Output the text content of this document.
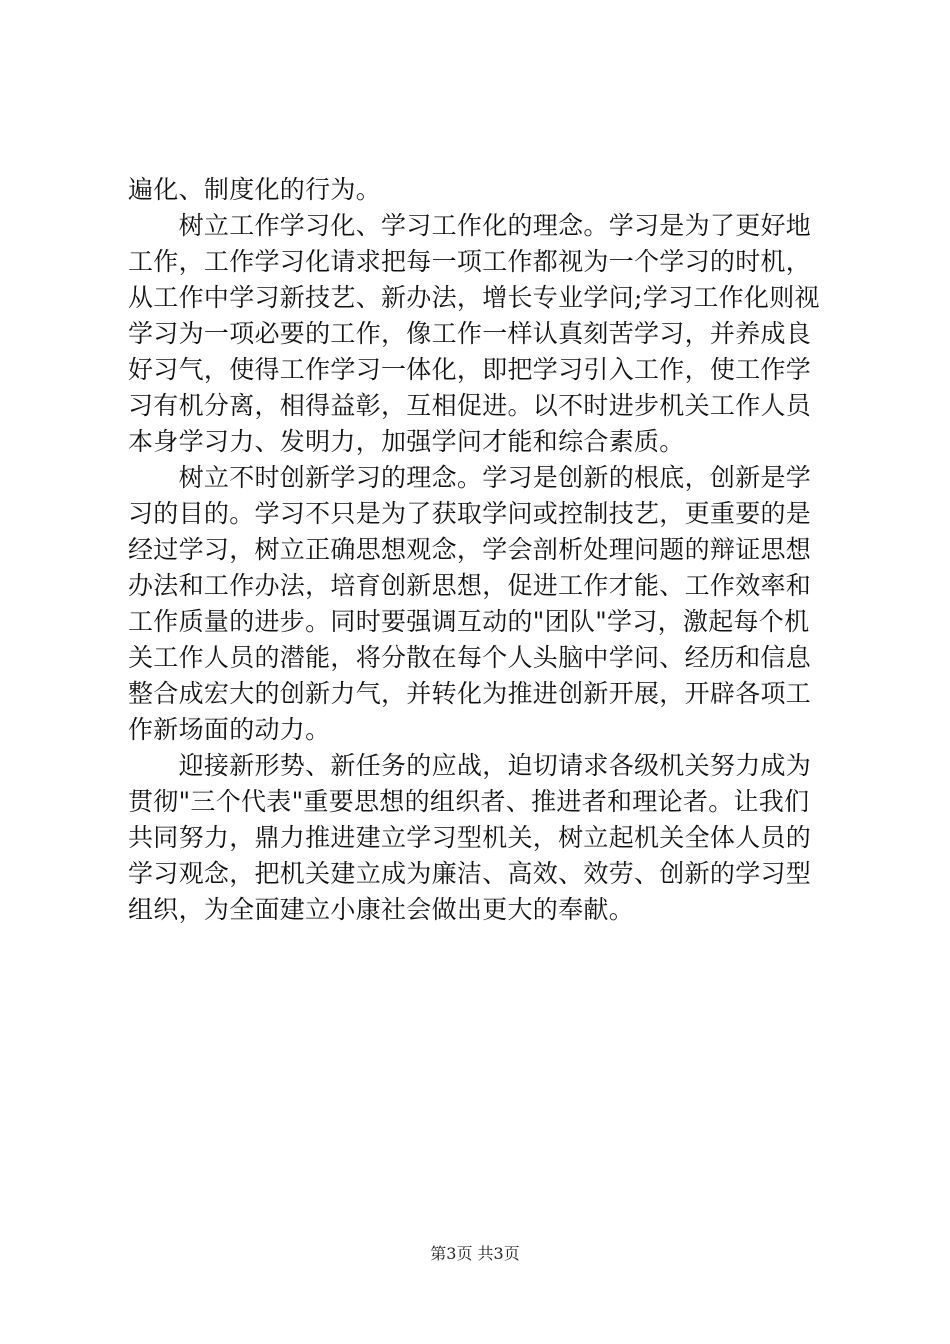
遍化、制度化的行为。
　　树立工作学习化、学习工作化的理念。学习是为了更好地
工作，工作学习化请求把每一项工作都视为一个学习的时机，
从工作中学习新技艺、新办法，增长专业学问;学习工作化则视
学习为一项必要的工作，像工作一样认真刻苦学习，并养成良
好习气，使得工作学习一体化，即把学习引入工作，使工作学
习有机分离，相得益彰，互相促进。以不时进步机关工作人员
本身学习力、发明力，加强学问才能和综合素质。
　　树立不时创新学习的理念。学习是创新的根底，创新是学
习的目的。学习不只是为了获取学问或控制技艺，更重要的是
经过学习，树立正确思想观念，学会剖析处理问题的辩证思想
办法和工作办法，培育创新思想，促进工作才能、工作效率和
工作质量的进步。同时要强调互动的"团队"学习，激起每个机
关工作人员的潜能，将分散在每个人头脑中学问、经历和信息
整合成宏大的创新力气，并转化为推进创新开展，开辟各项工
作新场面的动力。
　　迎接新形势、新任务的应战，迫切请求各级机关努力成为
贯彻"三个代表"重要思想的组织者、推进者和理论者。让我们
共同努力，鼎力推进建立学习型机关，树立起机关全体人员的
学习观念，把机关建立成为廉洁、高效、效劳、创新的学习型
组织，为全面建立小康社会做出更大的奉献。
第3页 共3页
